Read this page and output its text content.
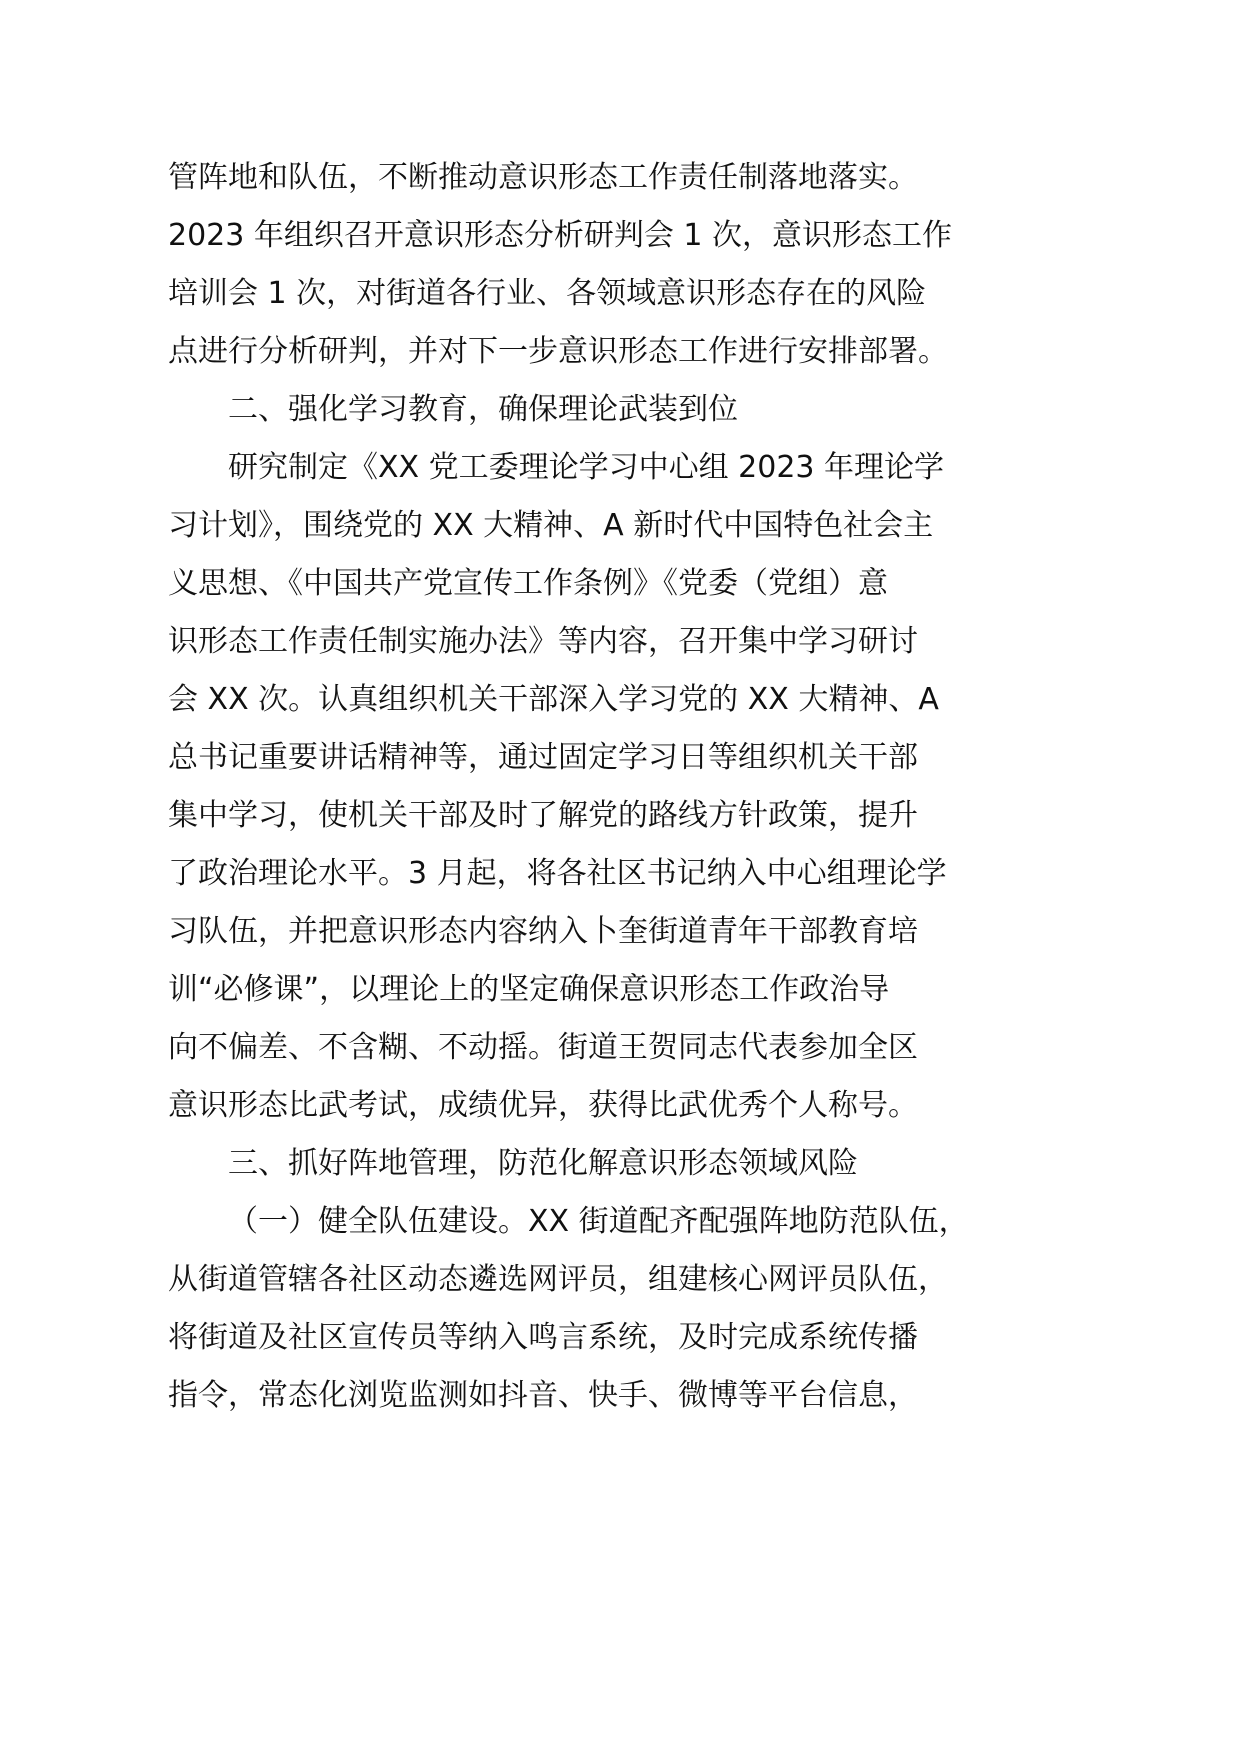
管阵地和队伍，不断推动意识形态工作责任制落地落实。
2023 年组织召开意识形态分析研判会 1 次，意识形态工作
培训会 1 次，对街道各行业、各领域意识形态存在的风险
点进行分析研判，并对下一步意识形态工作进行安排部署。
二、强化学习教育，确保理论武装到位
研究制定《XX 党工委理论学习中心组 2023 年理论学
习计划》，围绕党的 XX 大精神、A 新时代中国特色社会主
义思想、《中国共产党宣传工作条例》《党委（党组）意
识形态工作责任制实施办法》等内容，召开集中学习研讨
会 XX 次。认真组织机关干部深入学习党的 XX 大精神、A
总书记重要讲话精神等，通过固定学习日等组织机关干部
集中学习，使机关干部及时了解党的路线方针政策，提升
了政治理论水平。3 月起，将各社区书记纳入中心组理论学
习队伍，并把意识形态内容纳入卜奎街道青年干部教育培
训“必修课”，以理论上的坚定确保意识形态工作政治导
向不偏差、不含糊、不动摇。街道王贺同志代表参加全区
意识形态比武考试，成绩优异，获得比武优秀个人称号。
三、抓好阵地管理，防范化解意识形态领域风险
（一）健全队伍建设。XX 街道配齐配强阵地防范队伍，
从街道管辖各社区动态遴选网评员，组建核心网评员队伍，
将街道及社区宣传员等纳入鸣言系统，及时完成系统传播
指令，常态化浏览监测如抖音、快手、微博等平台信息，
